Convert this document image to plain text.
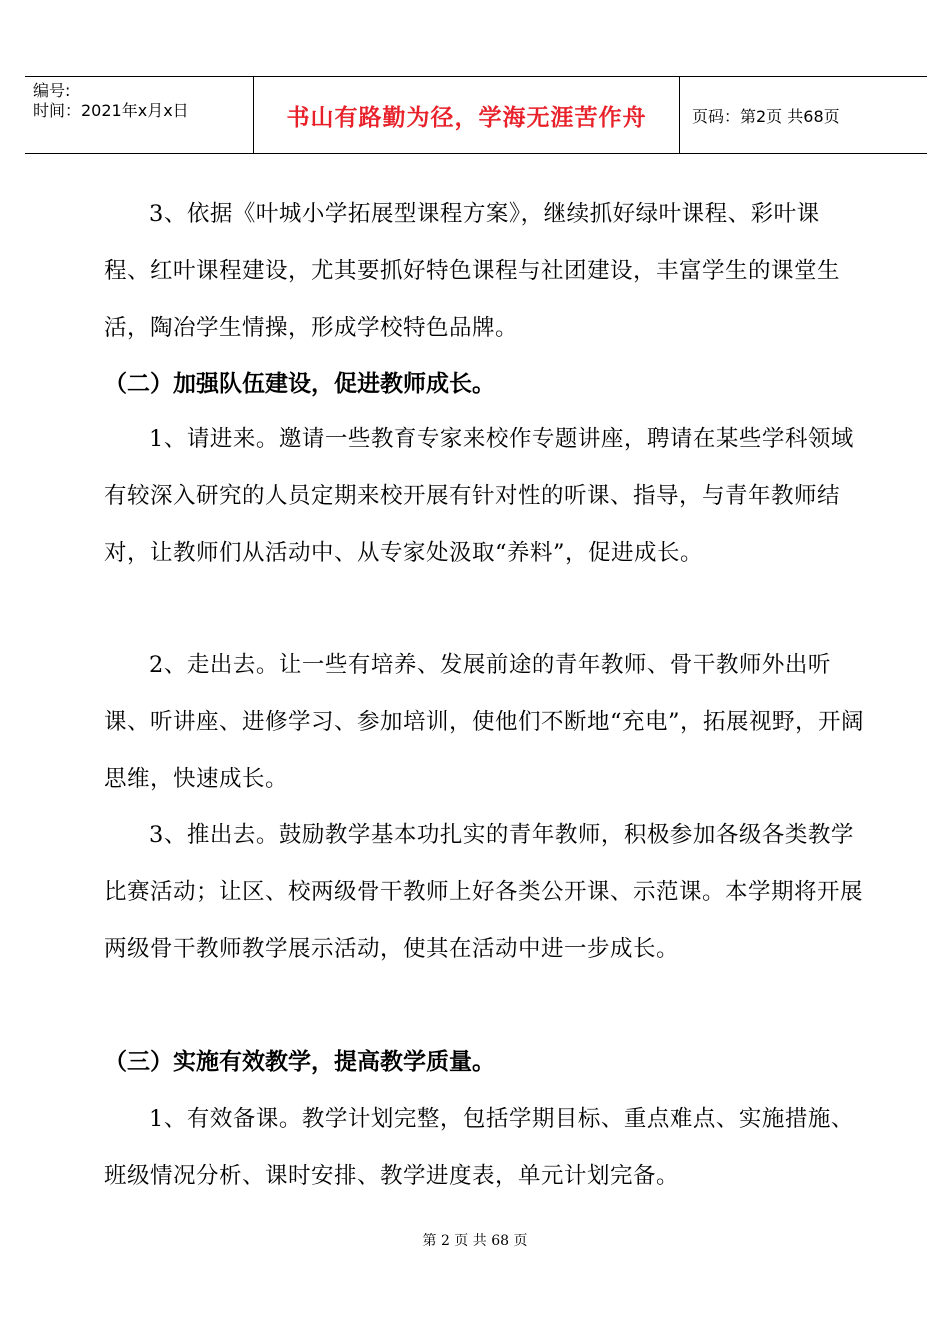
编号:
时间：2021年x月x日	书山有路勤为径，学海无涯苦作舟	页码：第2页 共68页

3、依据《叶城小学拓展型课程方案》，继续抓好绿叶课程、彩叶课程、红叶课程建设，尤其要抓好特色课程与社团建设，丰富学生的课堂生活，陶冶学生情操，形成学校特色品牌。

（二）加强队伍建设，促进教师成长。

1、请进来。邀请一些教育专家来校作专题讲座，聘请在某些学科领域有较深入研究的人员定期来校开展有针对性的听课、指导，与青年教师结对，让教师们从活动中、从专家处汲取“养料”，促进成长。

2、走出去。让一些有培养、发展前途的青年教师、骨干教师外出听课、听讲座、进修学习、参加培训，使他们不断地“充电”，拓展视野，开阔思维，快速成长。

3、推出去。鼓励教学基本功扎实的青年教师，积极参加各级各类教学比赛活动；让区、校两级骨干教师上好各类公开课、示范课。本学期将开展两级骨干教师教学展示活动，使其在活动中进一步成长。

（三）实施有效教学，提高教学质量。

1、有效备课。教学计划完整，包括学期目标、重点难点、实施措施、班级情况分析、课时安排、教学进度表，单元计划完备。

第 2 页 共 68 页
